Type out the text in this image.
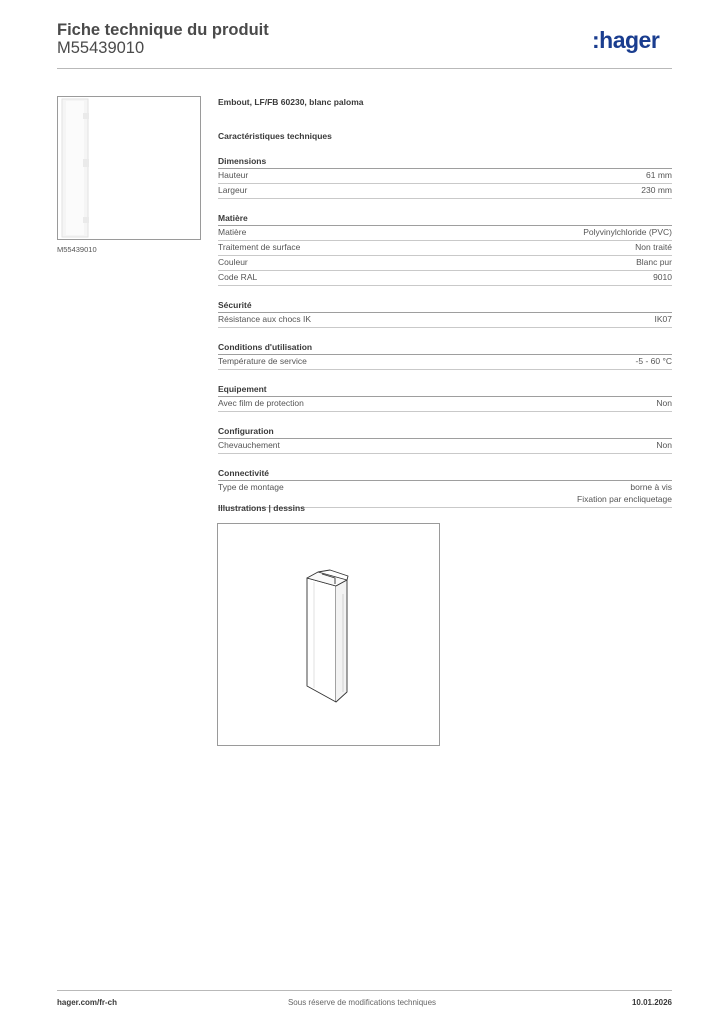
Fiche technique du produit
M55439010	:hager
M55439010
Embout, LF/FB 60230, blanc paloma
Caractéristiques techniques
Dimensions
Hauteur	61 mm
Largeur	230 mm
Matière
Matière	Polyvinylchloride (PVC)
Traitement de surface	Non traité
Couleur	Blanc pur
Code RAL	9010
Sécurité
Résistance aux chocs IK	IK07
Conditions d'utilisation
Température de service	-5 - 60 °C
Equipement
Avec film de protection	Non
Configuration
Chevauchement	Non
Connectivité
Type de montage	borne à vis
Fixation par encliquetage
Illustrations | dessins
hager.com/fr-ch	Sous réserve de modifications techniques	10.01.2026
